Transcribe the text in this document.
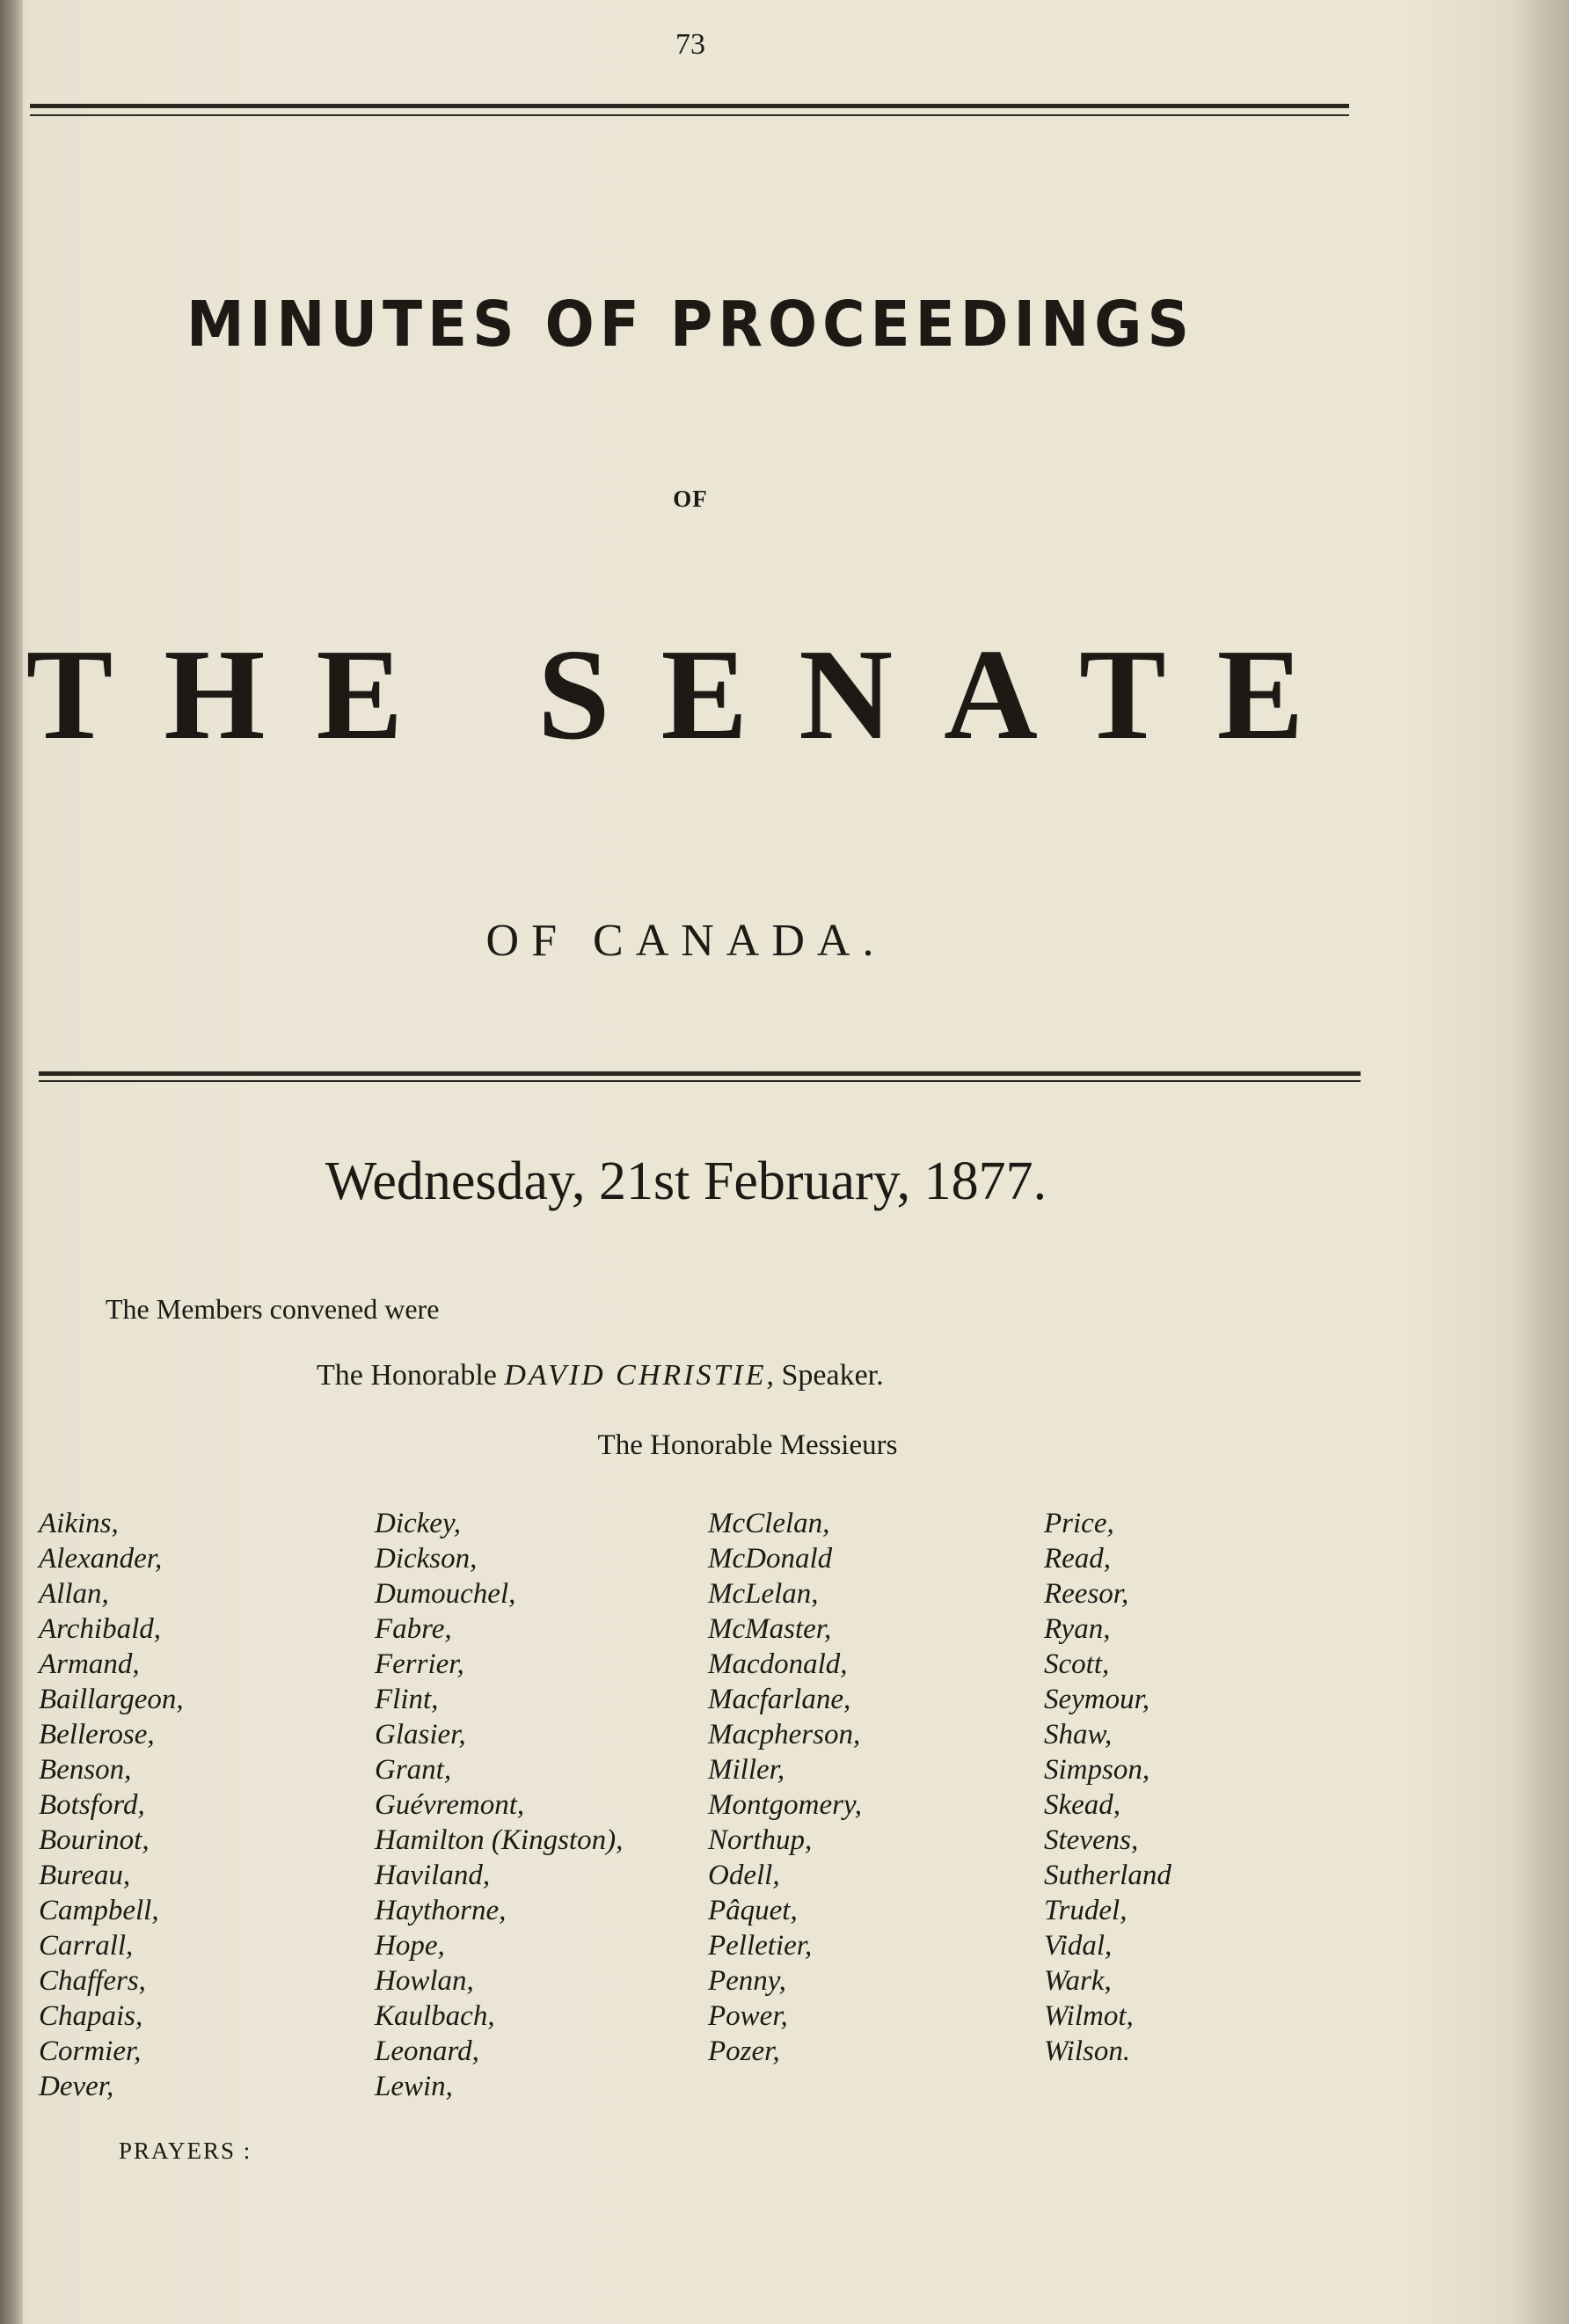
73
MINUTES OF PROCEEDINGS
OF
THE SENATE
OF CANADA.
Wednesday, 21st February, 1877.
The Members convened were
The Honorable DAVID CHRISTIE, Speaker.
The Honorable Messieurs
Aikins,
Alexander,
Allan,
Archibald,
Armand,
Baillargeon,
Bellerose,
Benson,
Botsford,
Bourinot,
Bureau,
Campbell,
Carrall,
Chaffers,
Chapais,
Cormier,
Dever,
Dickey,
Dickson,
Dumouchel,
Fabre,
Ferrier,
Flint,
Glasier,
Grant,
Guévremont,
Hamilton (Kingston),
Haviland,
Haythorne,
Hope,
Howlan,
Kaulbach,
Leonard,
Lewin,
McClelan,
McDonald
McLelan,
McMaster,
Macdonald,
Macfarlane,
Macpherson,
Miller,
Montgomery,
Northup,
Odell,
Pâquet,
Pelletier,
Penny,
Power,
Pozer,
Price,
Read,
Reesor,
Ryan,
Scott,
Seymour,
Shaw,
Simpson,
Skead,
Stevens,
Sutherland
Trudel,
Vidal,
Wark,
Wilmot,
Wilson.
PRAYERS :
